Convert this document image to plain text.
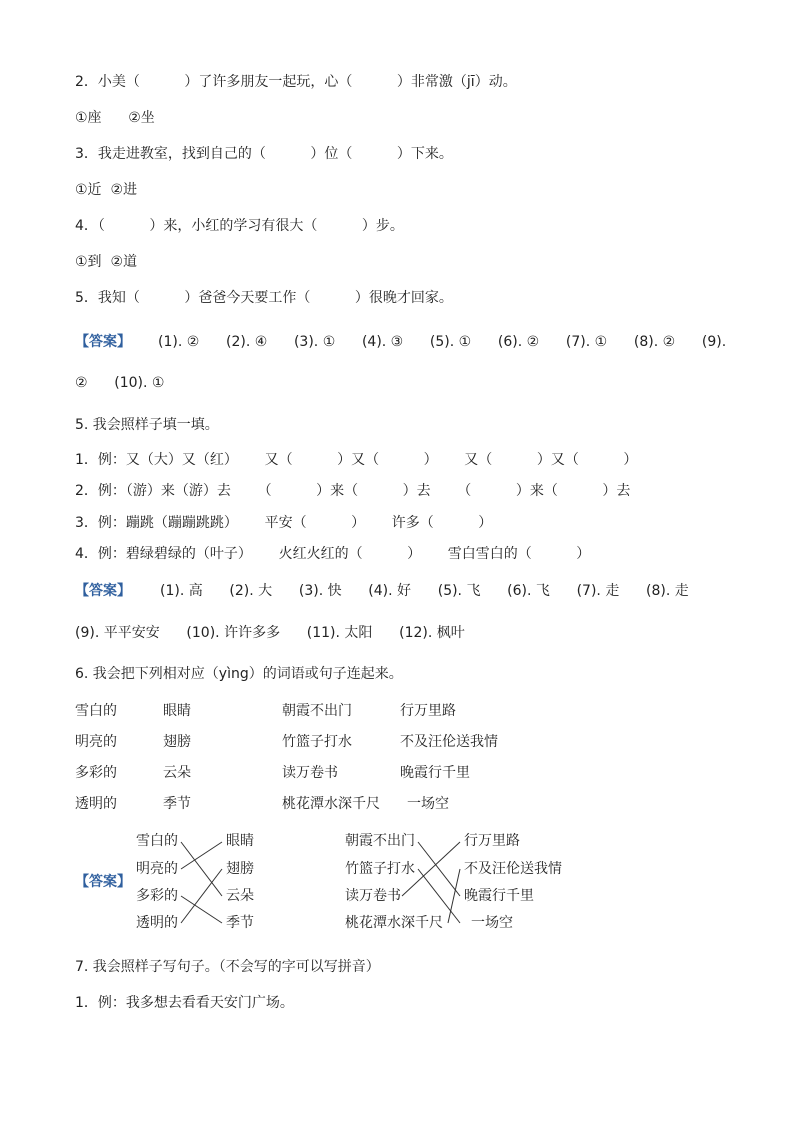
2．小美（          ）了许多朋友一起玩，心（          ）非常激（jī）动。
①座      ②坐
3．我走进教室，找到自己的（          ）位（          ）下来。
①近  ②进
4．（          ）来，小红的学习有很大（          ）步。
①到  ②道
5．我知（          ）爸爸今天要工作（          ）很晚才回家。
【答案】 (1). ②      (2). ④      (3). ①      (4). ③      (5). ①      (6). ②      (7). ①      (8). ②      (9).
②      (10). ①
5. 我会照样子填一填。
1．例：又（大）又（红）      又（          ）又（          ）      又（          ）又（          ）
2．例：（游）来（游）去      （          ）来（          ）去      （          ）来（          ）去
3．例：蹦跳（蹦蹦跳跳）      平安（          ）      许多（          ）
4．例：碧绿碧绿的（叶子）      火红火红的（          ）      雪白雪白的（          ）
【答案】 (1). 高      (2). 大      (3). 快      (4). 好      (5). 飞      (6). 飞      (7). 走      (8). 走
(9). 平平安安      (10). 许许多多      (11). 太阳      (12). 枫叶
6. 我会把下列相对应（yìng）的词语或句子连起来。
雪白的
明亮的
多彩的
透明的
眼睛
翅膀
云朵
季节
朝霞不出门
竹篮子打水
读万卷书
桃花潭水深千尺
行万里路
不及汪伦送我情
晚霞行千里
一场空
【答案】
雪白的
明亮的
多彩的
透明的
眼睛
翅膀
云朵
季节
朝霞不出门
竹篮子打水
读万卷书
桃花潭水深千尺
行万里路
不及汪伦送我情
晚霞行千里
一场空
7. 我会照样子写句子。（不会写的字可以写拼音）
1．例：我多想去看看天安门广场。
